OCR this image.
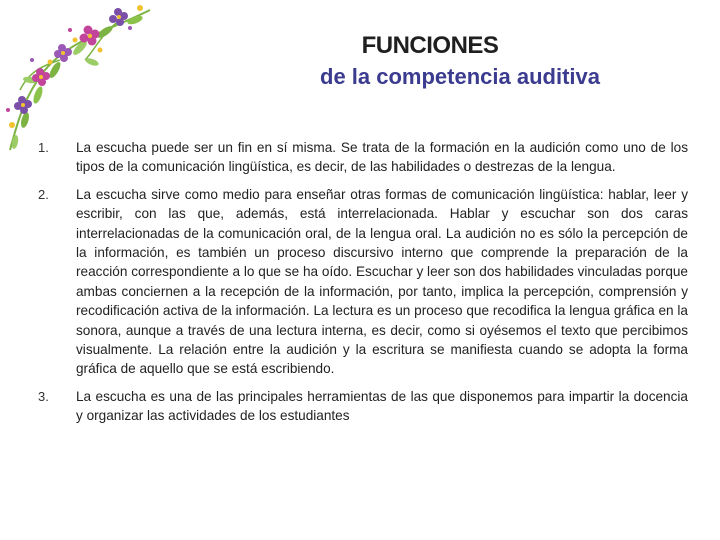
FUNCIONES
de la competencia auditiva
1.	La escucha puede ser un fin en sí misma. Se trata de la formación en la audición como uno de los tipos de la comunicación lingüística, es decir, de las habilidades o destrezas de la lengua.
2.	La escucha sirve como medio para enseñar otras formas de comunicación lingüística: hablar, leer y escribir, con las que, además, está interrelacionada. Hablar y escuchar son dos caras interrelacionadas de la comunicación oral, de la lengua oral. La audición no es sólo la percepción de la información, es también un proceso discursivo interno que comprende la preparación de la reacción correspondiente a lo que se ha oído. Escuchar y leer son dos habilidades vinculadas porque ambas conciernen a la recepción de la información, por tanto, implica la percepción, comprensión y recodificación activa de la información. La lectura es un proceso que recodifica la lengua gráfica en la sonora, aunque a través de una lectura interna, es decir, como si oyésemos el texto que percibimos visualmente. La relación entre la audición y la escritura se manifiesta cuando se adopta la forma gráfica de aquello que se está escribiendo.
3.	La escucha es una de las principales herramientas de las que disponemos para impartir la docencia y organizar las actividades de los estudiantes
